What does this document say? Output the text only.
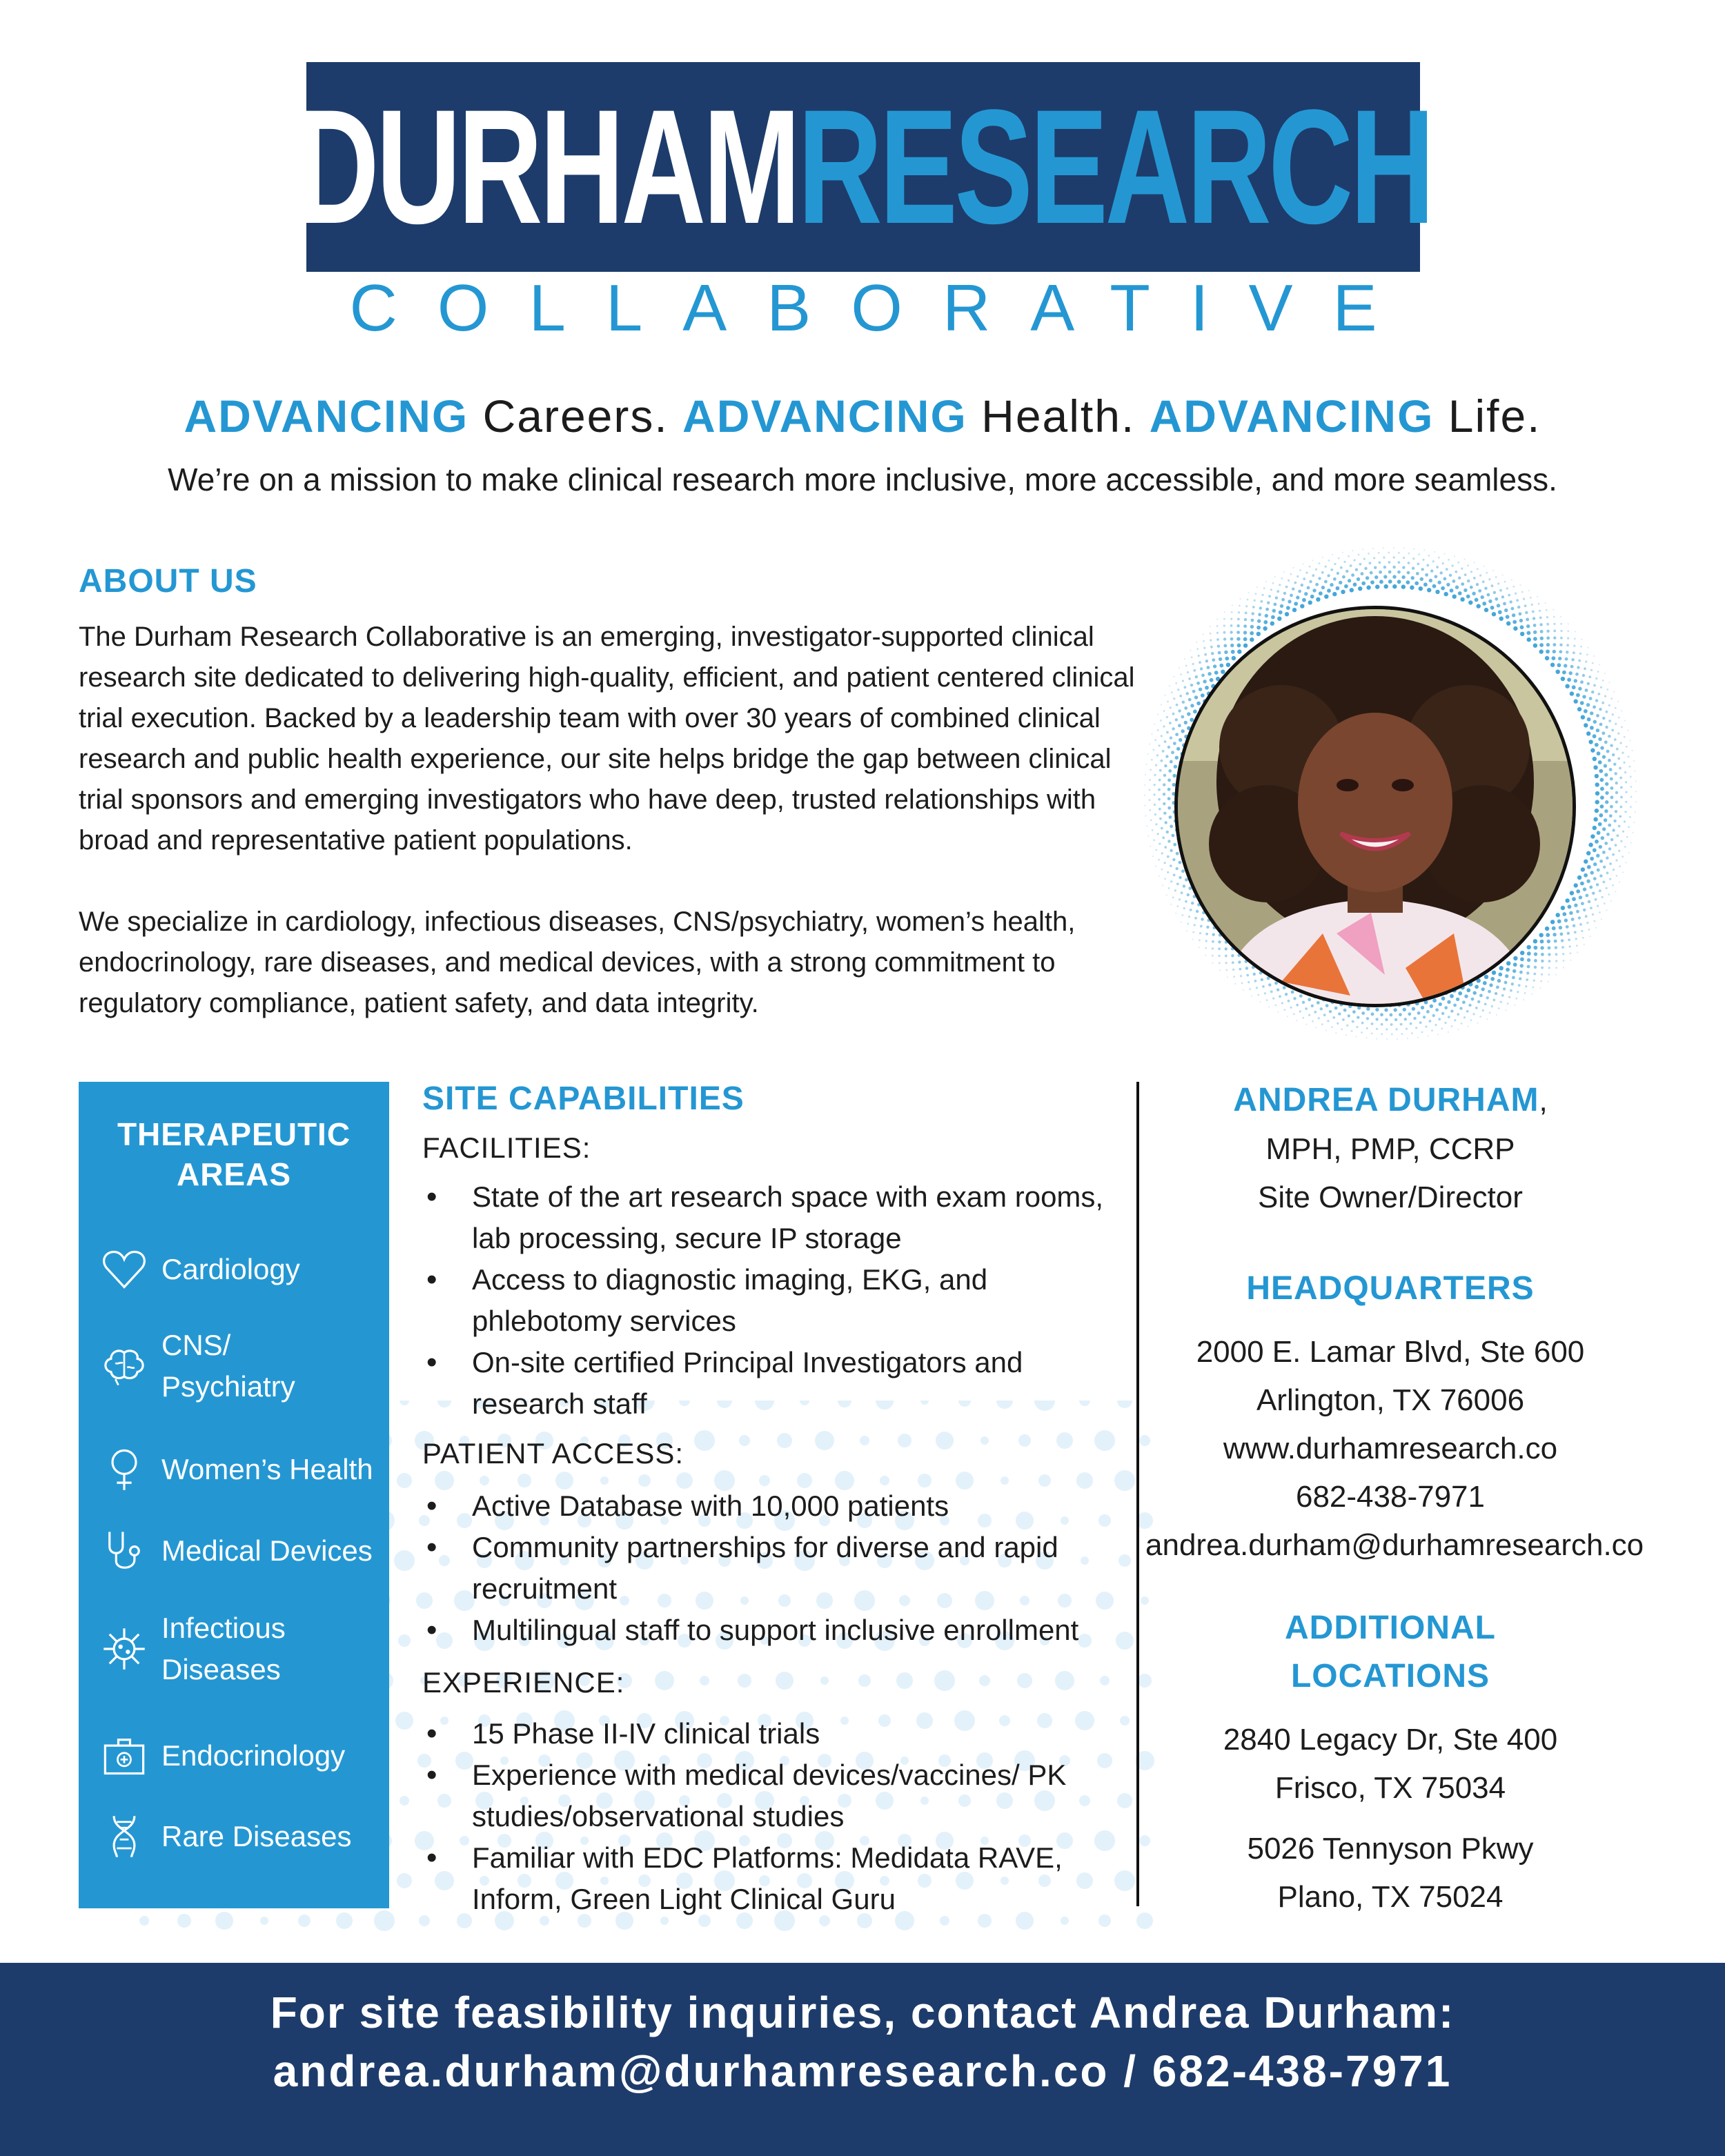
DURHAM RESEARCH
COLLABORATIVE
ADVANCING Careers. ADVANCING Health. ADVANCING Life.
We’re on a mission to make clinical research more inclusive, more accessible, and more seamless.
ABOUT US
The Durham Research Collaborative is an emerging, investigator-supported clinical research site dedicated to delivering high-quality, efficient, and patient centered clinical trial execution. Backed by a leadership team with over 30 years of combined clinical research and public health experience, our site helps bridge the gap between clinical trial sponsors and emerging investigators who have deep, trusted relationships with broad and representative patient populations.
We specialize in cardiology, infectious diseases, CNS/psychiatry, women’s health, endocrinology, rare diseases, and medical devices, with a strong commitment to regulatory compliance, patient safety, and data integrity.
THERAPEUTIC
AREAS
Cardiology
CNS/
Psychiatry
Women’s Health
Medical Devices
Infectious
Diseases
Endocrinology
Rare Diseases
SITE CAPABILITIES
FACILITIES:
• State of the art research space with exam rooms, lab processing, secure IP storage
• Access to diagnostic imaging, EKG, and phlebotomy services
• On-site certified Principal Investigators and research staff
PATIENT ACCESS:
• Active Database with 10,000 patients
• Community partnerships for diverse and rapid recruitment
• Multilingual staff to support inclusive enrollment
EXPERIENCE:
• 15 Phase II-IV clinical trials
• Experience with medical devices/vaccines/ PK studies/observational studies
• Familiar with EDC Platforms: Medidata RAVE, Inform, Green Light Clinical Guru
ANDREA DURHAM,
MPH, PMP, CCRP
Site Owner/Director
HEADQUARTERS
2000 E. Lamar Blvd, Ste 600
Arlington, TX 76006
www.durhamresearch.co
682-438-7971
andrea.durham@durhamresearch.co
ADDITIONAL
LOCATIONS
2840 Legacy Dr, Ste 400
Frisco, TX 75034
5026 Tennyson Pkwy
Plano, TX 75024
For site feasibility inquiries, contact Andrea Durham:
andrea.durham@durhamresearch.co / 682-438-7971
